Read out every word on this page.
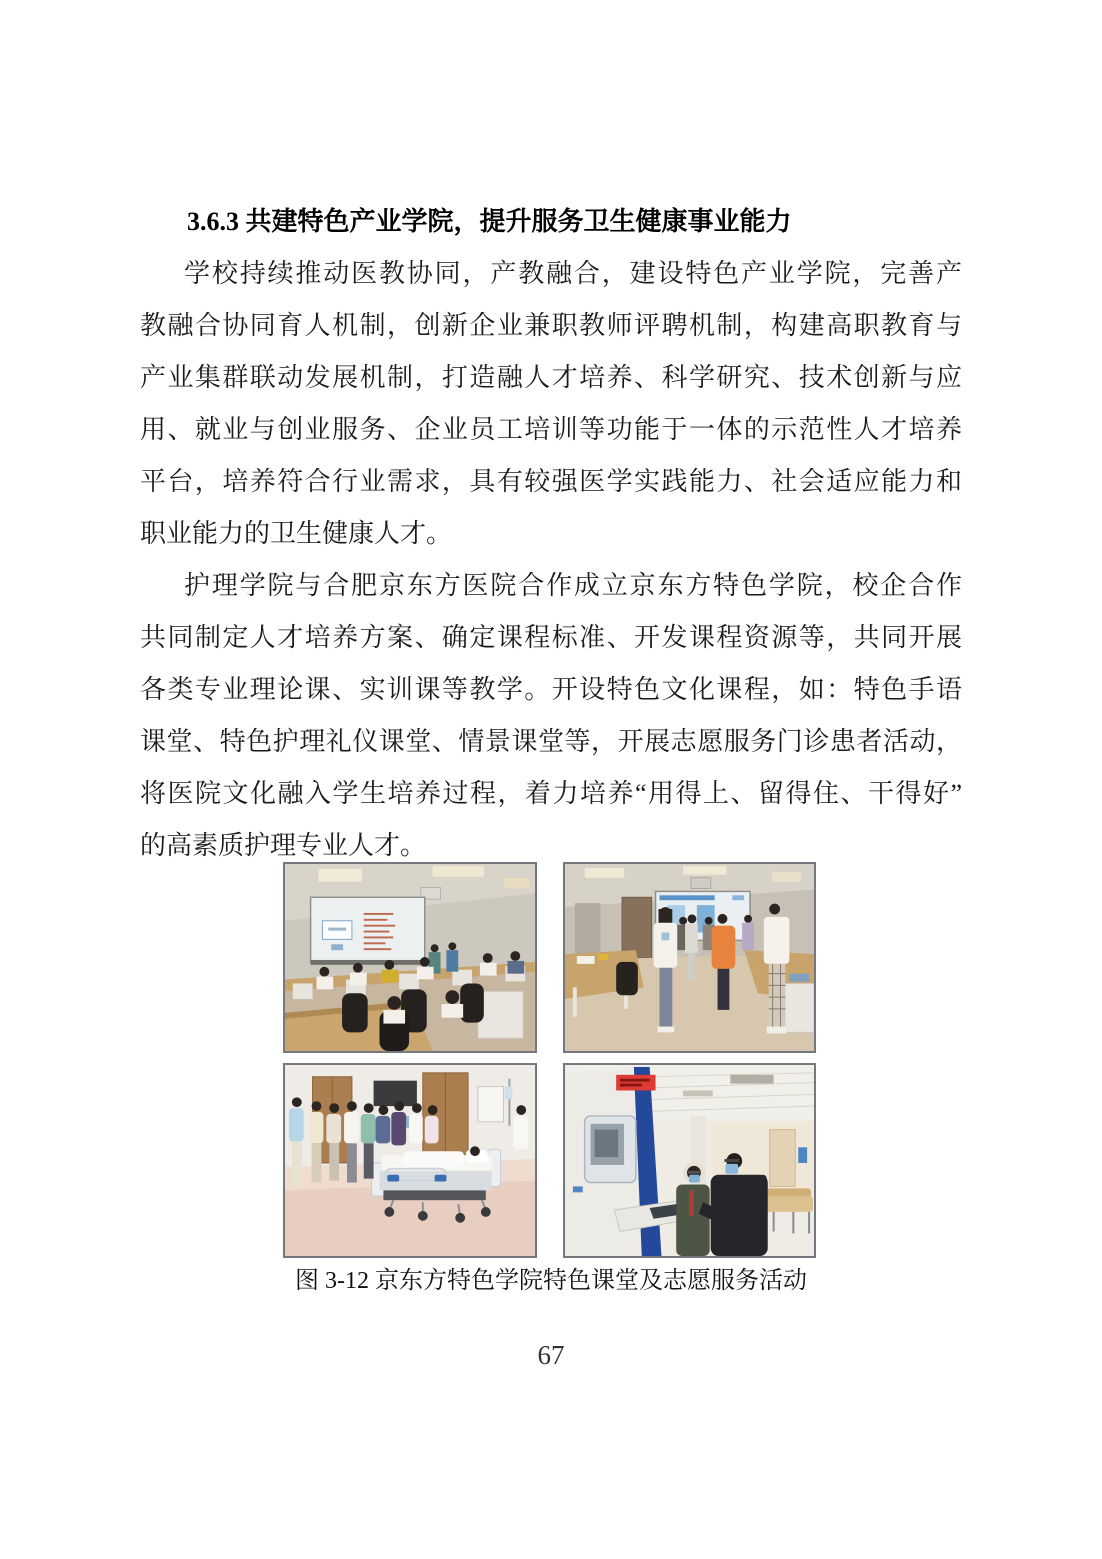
3.6.3 共建特色产业学院，提升服务卫生健康事业能力
学校持续推动医教协同，产教融合，建设特色产业学院，完善产
教融合协同育人机制，创新企业兼职教师评聘机制，构建高职教育与
产业集群联动发展机制，打造融人才培养、科学研究、技术创新与应
用、就业与创业服务、企业员工培训等功能于一体的示范性人才培养
平台，培养符合行业需求，具有较强医学实践能力、社会适应能力和
职业能力的卫生健康人才。
护理学院与合肥京东方医院合作成立京东方特色学院，校企合作
共同制定人才培养方案、确定课程标准、开发课程资源等，共同开展
各类专业理论课、实训课等教学。开设特色文化课程，如：特色手语
课堂、特色护理礼仪课堂、情景课堂等，开展志愿服务门诊患者活动，
将医院文化融入学生培养过程，着力培养“用得上、留得住、干得好”
的高素质护理专业人才。
图 3-12 京东方特色学院特色课堂及志愿服务活动
67
